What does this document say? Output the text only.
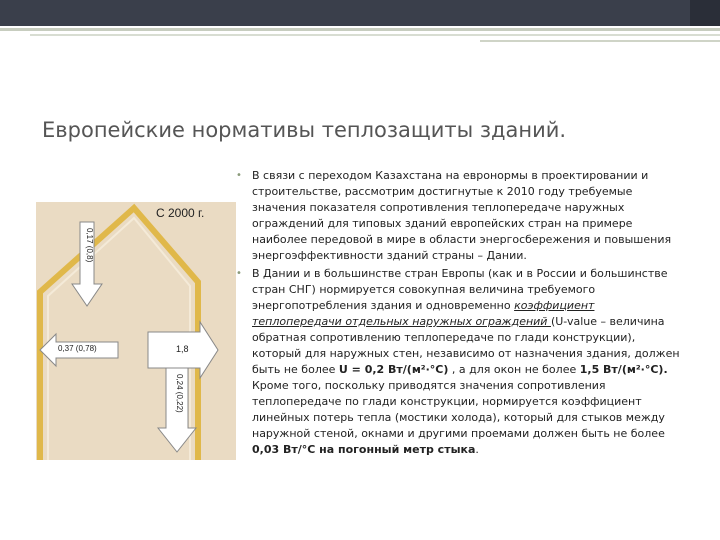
Европейские нормативы теплозащиты зданий.
С 2000 г.
0,17 (0,8)
0,37 (0,78)	1,8
0,24 (0,22)
• В связи с переходом Казахстана на евронормы в проектировании и строительстве, рассмотрим достигнутые к 2010 году требуемые значения показателя сопротивления теплопередаче наружных ограждений для типовых зданий европейских стран на примере наиболее передовой в мире в области энергосбережения и повышения энергоэффективности зданий страны – Дании.
• В Дании и в большинстве стран Европы (как и в России и большинстве стран СНГ) нормируется совокупная величина требуемого энергопотребления здания и одновременно коэффициент теплопередачи отдельных наружных ограждений (U-value – величина обратная сопротивлению теплопередаче по глади конструкции), который для наружных стен, независимо от назначения здания, должен быть не более U = 0,2 Вт/(м²·°С) , а для окон не более 1,5 Вт/(м²·°С). Кроме того, поскольку приводятся значения сопротивления теплопередаче по глади конструкции, нормируется коэффициент линейных потерь тепла (мостики холода), который для стыков между наружной стеной, окнами и другими проемами должен быть не более 0,03 Вт/°С на погонный метр стыка.
